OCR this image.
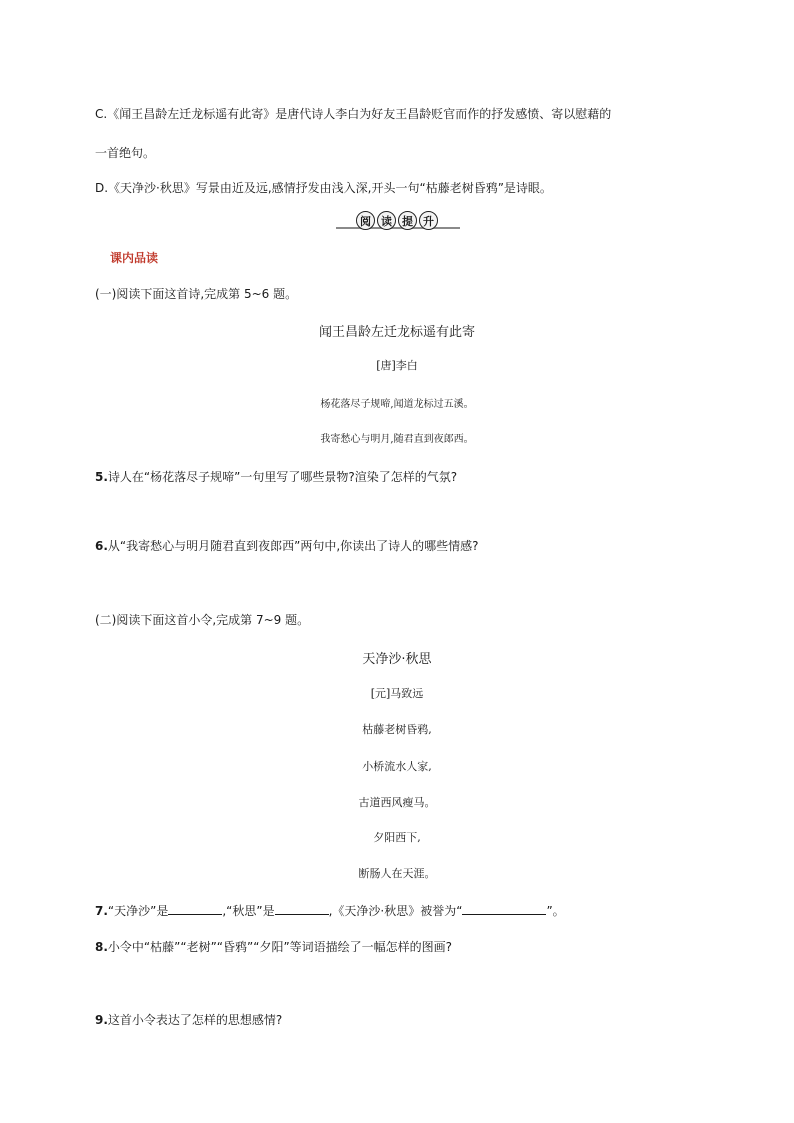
C.《闻王昌龄左迁龙标遥有此寄》是唐代诗人李白为好友王昌龄贬官而作的抒发感愤、寄以慰藉的
一首绝句。
D.《天净沙·秋思》写景由近及远,感情抒发由浅入深,开头一句“枯藤老树昏鸦”是诗眼。
阅 读 提 升
课内品读
(一)阅读下面这首诗,完成第 5~6 题。
闻王昌龄左迁龙标遥有此寄
[唐]李白
杨花落尽子规啼,闻道龙标过五溪。
我寄愁心与明月,随君直到夜郎西。
5.诗人在“杨花落尽子规啼”一句里写了哪些景物?渲染了怎样的气氛?
6.从“我寄愁心与明月随君直到夜郎西”两句中,你读出了诗人的哪些情感?
(二)阅读下面这首小令,完成第 7~9 题。
天净沙·秋思
[元]马致远
枯藤老树昏鸦,
小桥流水人家,
古道西风瘦马。
夕阳西下,
断肠人在天涯。
7.“天净沙”是	,“秋思”是	,《天净沙·秋思》被誉为“	”。
8.小令中“枯藤”“老树”“昏鸦”“夕阳”等词语描绘了一幅怎样的图画?
9.这首小令表达了怎样的思想感情?
